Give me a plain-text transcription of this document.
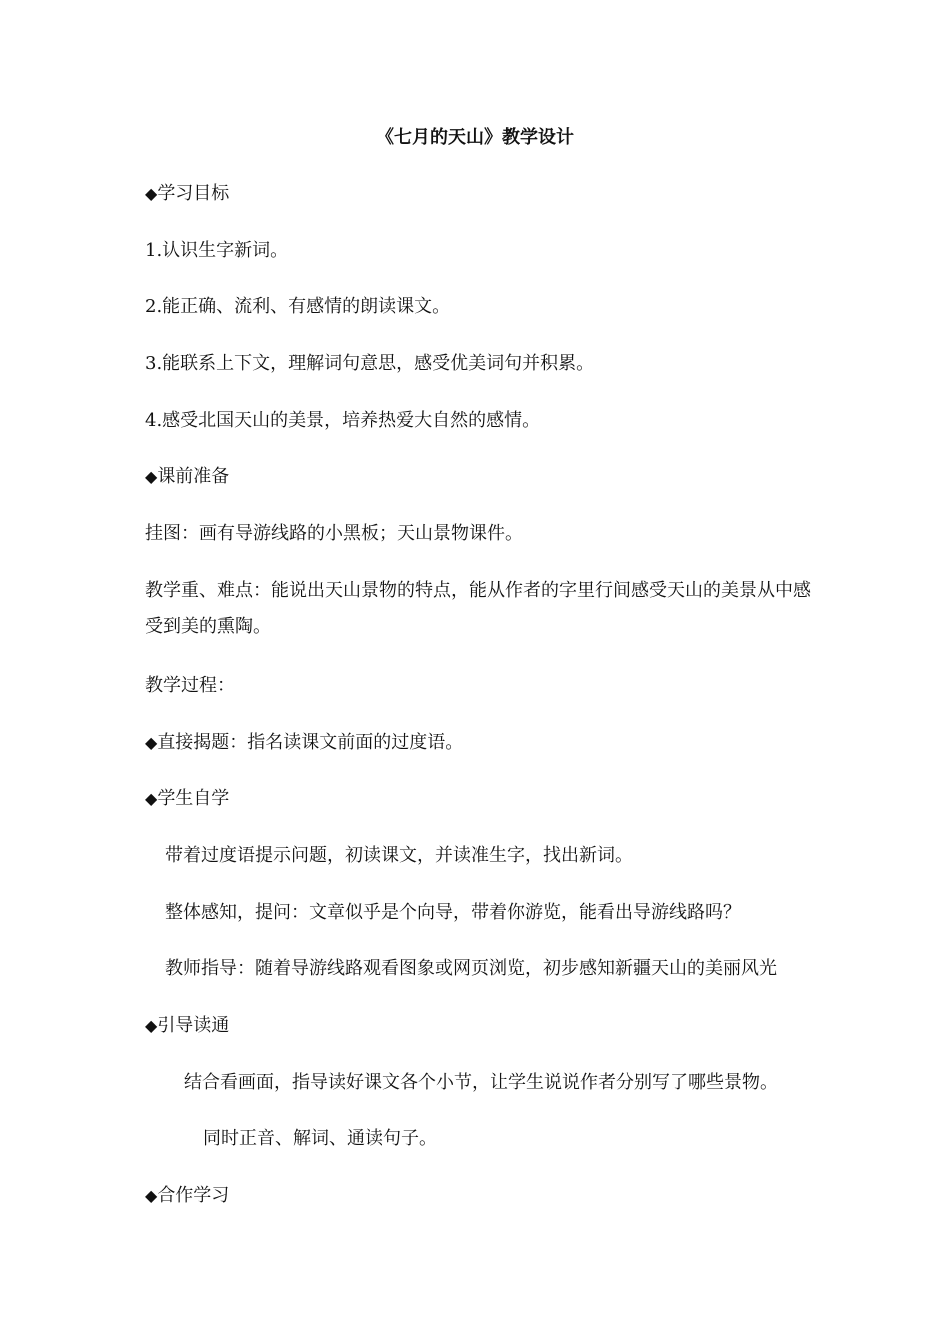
《七月的天山》教学设计
◆学习目标
1.认识生字新词。
2.能正确、流利、有感情的朗读课文。
3.能联系上下文，理解词句意思，感受优美词句并积累。
4.感受北国天山的美景，培养热爱大自然的感情。
◆课前准备
挂图：画有导游线路的小黑板；天山景物课件。
教学重、难点：能说出天山景物的特点，能从作者的字里行间感受天山的美景从中感受到美的熏陶。
教学过程：
◆直接揭题：指名读课文前面的过度语。
◆学生自学
带着过度语提示问题，初读课文，并读准生字，找出新词。
整体感知，提问：文章似乎是个向导，带着你游览，能看出导游线路吗？
教师指导：随着导游线路观看图象或网页浏览，初步感知新疆天山的美丽风光
◆引导读通
结合看画面，指导读好课文各个小节，让学生说说作者分别写了哪些景物。
同时正音、解词、通读句子。
◆合作学习
